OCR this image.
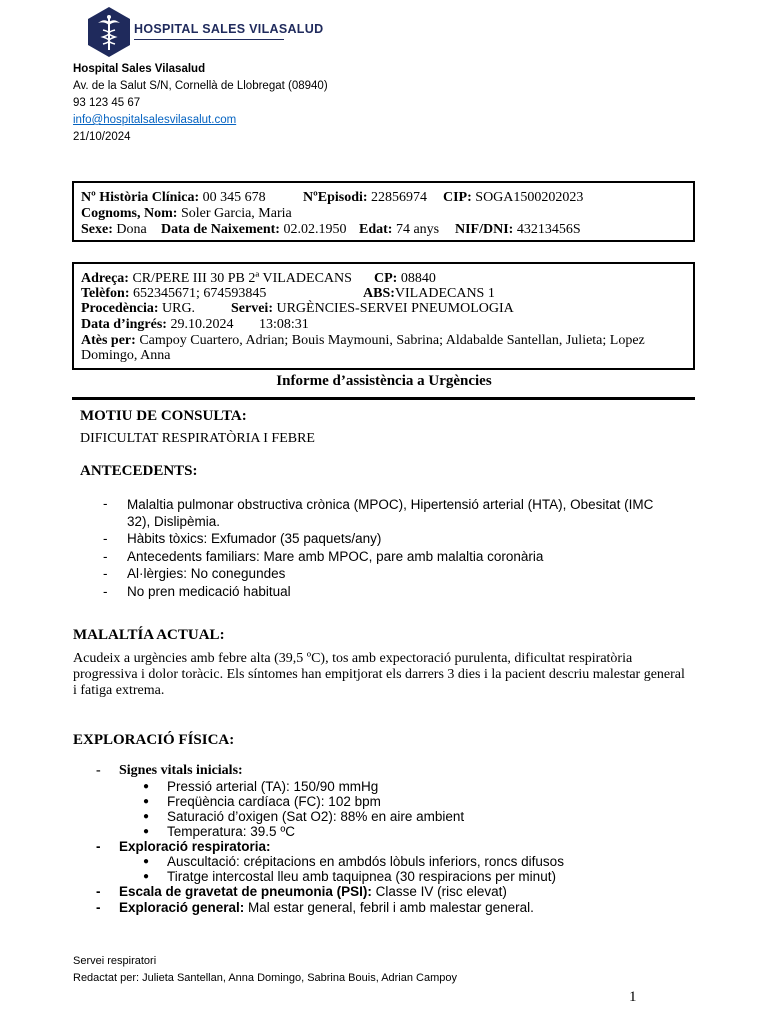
HOSPITAL SALES VILASALUD
Hospital Sales Vilasalud
Av. de la Salut S/N, Cornellà de Llobregat (08940)
93 123 45 67
info@hospitalsalesvilasalut.com
21/10/2024
Nº Història Clínica: 00 345 678	NºEpisodi: 22856974 CIP: SOGA1500202023
Cognoms, Nom: Soler Garcia, Maria
Sexe: Dona Data de Naixement: 02.02.1950 Edat: 74 anys NIF/DNI: 43213456S
Adreça: CR/PERE III 30 PB 2ª VILADECANS CP: 08840
Telèfon: 652345671; 674593845	ABS:VILADECANS 1
Procedència: URG.	Servei: URGÈNCIES-SERVEI PNEUMOLOGIA
Data d’ingrés: 29.10.2024 13:08:31
Atès per: Campoy Cuartero, Adrian; Bouis Maymouni, Sabrina; Aldabalde Santellan, Julieta; Lopez
Domingo, Anna
Informe d’assistència a Urgències
MOTIU DE CONSULTA:
DIFICULTAT RESPIRATÒRIA I FEBRE
ANTECEDENTS:
- Malaltia pulmonar obstructiva crònica (MPOC), Hipertensió arterial (HTA), Obesitat (IMC
32), Dislipèmia.
- Hàbits tòxics: Exfumador (35 paquets/any)
- Antecedents familiars: Mare amb MPOC, pare amb malaltia coronària
- Al·lèrgies: No conegundes
- No pren medicació habitual
MALALTÍA ACTUAL:
Acudeix a urgències amb febre alta (39,5 ºC), tos amb expectoració purulenta, dificultat respiratòria
progressiva i dolor toràcic. Els síntomes han empitjorat els darrers 3 dies i la pacient descriu malestar general
i fatiga extrema.
EXPLORACIÓ FÍSICA:
- Signes vitals inicials:
● Pressió arterial (TA): 150/90 mmHg
● Freqüència cardíaca (FC): 102 bpm
● Saturació d’oxigen (Sat O2): 88% en aire ambient
● Temperatura: 39.5 ºC
- Exploració respiratoria:
● Auscultació: crépitacions en ambdós lòbuls inferiors, roncs difusos
● Tiratge intercostal lleu amb taquipnea (30 respiracions per minut)
- Escala de gravetat de pneumonia (PSI): Classe IV (risc elevat)
- Exploració general: Mal estar general, febril i amb malestar general.
Servei respiratori
Redactat per: Julieta Santellan, Anna Domingo, Sabrina Bouis, Adrian Campoy
1
